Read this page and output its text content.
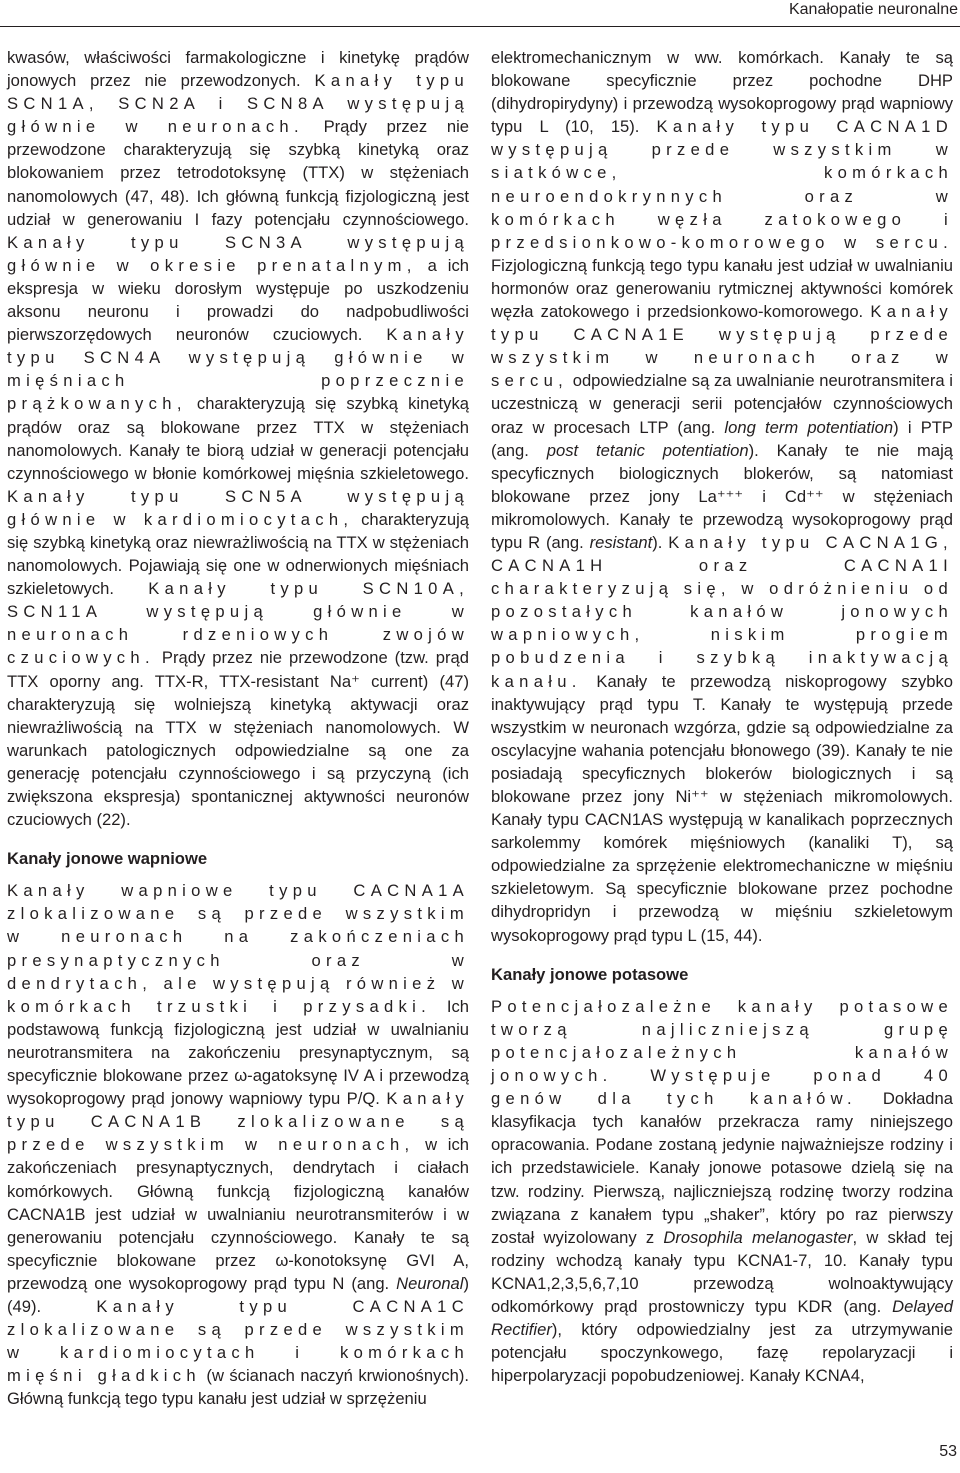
Kanałopatie neuronalne

kwasów, właściwości farmakologiczne i kinetykę prądów jonowych przez nie przewodzonych. Kanały typu SCN1A, SCN2A i SCN8A występują głównie w neuronach. Prądy przez nie przewodzone charakteryzują się szybką kinetyką oraz blokowaniem przez tetrodotoksynę (TTX) w stężeniach nanomolowych (47, 48). Ich główną funkcją fizjologiczną jest udział w generowaniu I fazy potencjału czynnościowego. Kanały typu SCN3A występują głównie w okresie prenatalnym, a ich ekspresja w wieku dorosłym występuje po uszkodzeniu aksonu neuronu i prowadzi do nadpobudliwości pierwszorzędowych neuronów czuciowych. Kanały typu SCN4A występują głównie w mięśniach poprzecznie prążkowanych, charakteryzują się szybką kinetyką prądów oraz są blokowane przez TTX w stężeniach nanomolowych. Kanały te biorą udział w generacji potencjału czynnościowego w błonie komórkowej mięśnia szkieletowego. Kanały typu SCN5A występują głównie w kardiomiocytach, charakteryzują się szybką kinetyką oraz niewrażliwością na TTX w stężeniach nanomolowych. Pojawiają się one w odnerwionych mięśniach szkieletowych. Kanały typu SCN10A, SCN11A występują głównie w neuronach rdzeniowych zwojów czuciowych. Prądy przez nie przewodzone (tzw. prąd TTX oporny ang. TTX-R, TTX-resistant Na⁺ current) (47) charakteryzują się wolniejszą kinetyką aktywacji oraz niewrażliwością na TTX w stężeniach nanomolowych. W warunkach patologicznych odpowiedzialne są one za generację potencjału czynnościowego i są przyczyną (ich zwiększona ekspresja) spontanicznej aktywności neuronów czuciowych (22).

Kanały jonowe wapniowe

Kanały wapniowe typu CACNA1A zlokalizowane są przede wszystkim w neuronach na zakończeniach presynaptycznych oraz w dendrytach, ale występują również w komórkach trzustki i przysadki. Ich podstawową funkcją fizjologiczną jest udział w uwalnianiu neurotransmitera na zakończeniu presynaptycznym, są specyficznie blokowane przez ω-agatoksynę IV A i przewodzą wysokoprogowy prąd jonowy wapniowy typu P/Q. Kanały typu CACNA1B zlokalizowane są przede wszystkim w neuronach, w ich zakończeniach presynaptycznych, dendrytach i ciałach komórkowych. Główną funkcją fizjologiczną kanałów CACNA1B jest udział w uwalnianiu neurotransmiterów i w generowaniu potencjału czynnościowego. Kanały te są specyficznie blokowane przez ω-konotoksynę GVI A, przewodzą one wysokoprogowy prąd typu N (ang. Neuronal) (49). Kanały typu CACNA1C zlokalizowane są przede wszystkim w kardiomiocytach i komórkach mięśni gładkich (w ścianach naczyń krwionośnych). Główną funkcją tego typu kanału jest udział w sprzężeniu

elektromechanicznym w ww. komórkach. Kanały te są blokowane specyficznie przez pochodne DHP (dihydropirydyny) i przewodzą wysokoprogowy prąd wapniowy typu L (10, 15). Kanały typu CACNA1D występują przede wszystkim w siatkówce, komórkach neuroendokrynnych oraz w komórkach węzła zatokowego i przedsionkowo-komorowego w sercu. Fizjologiczną funkcją tego typu kanału jest udział w uwalnianiu hormonów oraz generowaniu rytmicznej aktywności komórek węzła zatokowego i przedsionkowo-komorowego. Kanały typu CACNA1E występują przede wszystkim w neuronach oraz w sercu, odpowiedzialne są za uwalnianie neurotransmitera i uczestniczą w generacji serii potencjałów czynnościowych oraz w procesach LTP (ang. long term potentiation) i PTP (ang. post tetanic potentiation). Kanały te nie mają specyficznych biologicznych blokerów, są natomiast blokowane przez jony La⁺⁺⁺ i Cd⁺⁺ w stężeniach mikromolowych. Kanały te przewodzą wysokoprogowy prąd typu R (ang. resistant). Kanały typu CACNA1G, CACNA1H oraz CACNA1I charakteryzują się, w odróżnieniu od pozostałych kanałów jonowych wapniowych, niskim progiem pobudzenia i szybką inaktywacją kanału. Kanały te przewodzą niskoprogowy szybko inaktywujący prąd typu T. Kanały te występują przede wszystkim w neuronach wzgórza, gdzie są odpowiedzialne za oscylacyjne wahania potencjału błonowego (39). Kanały te nie posiadają specyficznych blokerów biologicznych i są blokowane przez jony Ni⁺⁺ w stężeniach mikromolowych. Kanały typu CACN1AS występują w kanalikach poprzecznych sarkolemmy komórek mięśniowych (kanaliki T), są odpowiedzialne za sprzężenie elektromechaniczne w mięśniu szkieletowym. Są specyficznie blokowane przez pochodne dihydropridyn i przewodzą w mięśniu szkieletowym wysokoprogowy prąd typu L (15, 44).

Kanały jonowe potasowe

Potencjałozależne kanały potasowe tworzą najliczniejszą grupę potencjałozależnych kanałów jonowych. Występuje ponad 40 genów dla tych kanałów. Dokładna klasyfikacja tych kanałów przekracza ramy niniejszego opracowania. Podane zostaną jedynie najważniejsze rodziny i ich przedstawiciele. Kanały jonowe potasowe dzielą się na tzw. rodziny. Pierwszą, najliczniejszą rodzinę tworzy rodzina związana z kanałem typu „shaker”, który po raz pierwszy został wyizolowany z Drosophila melanogaster, w skład tej rodziny wchodzą kanały typu KCNA1-7, 10. Kanały typu KCNA1,2,3,5,6,7,10 przewodzą wolnoaktywujący odkomórkowy prąd prostowniczy typu KDR (ang. Delayed Rectifier), który odpowiedzialny jest za utrzymywanie potencjału spoczynkowego, fazę repolaryzacji i hiperpolaryzacji popobudzeniowej. Kanały KCNA4,

53
